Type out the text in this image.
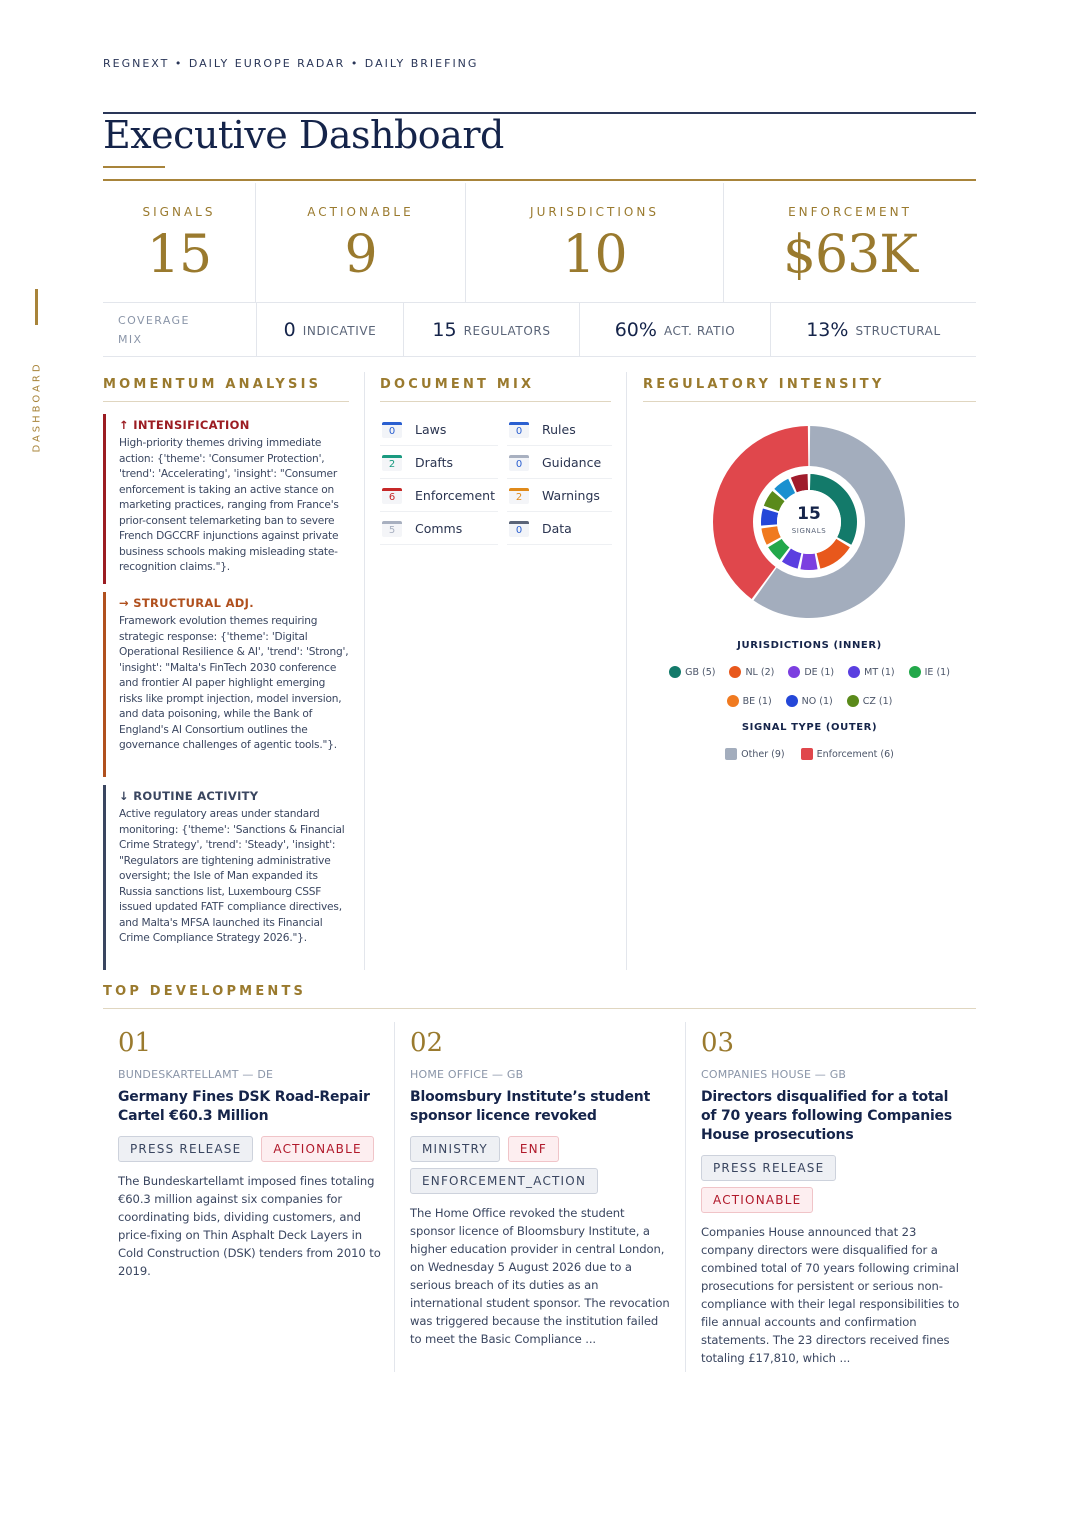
REGNEXT • DAILY EUROPE RADAR • DAILY BRIEFING
Executive Dashboard
DASHBOARD
SIGNALS
15
ACTIONABLE
9
JURISDICTIONS
10
ENFORCEMENT
$63K
COVERAGE MIX	0 INDICATIVE	15 REGULATORS	60% ACT. RATIO	13% STRUCTURAL
MOMENTUM ANALYSIS	DOCUMENT MIX	REGULATORY INTENSITY
↑ INTENSIFICATION
High-priority themes driving immediate action: {'theme': 'Consumer Protection', 'trend': 'Accelerating', 'insight': "Consumer enforcement is taking an active stance on marketing practices, ranging from France's prior-consent telemarketing ban to severe French DGCCRF injunctions against private business schools making misleading state-recognition claims."}.
→ STRUCTURAL ADJ.
Framework evolution themes requiring strategic response: {'theme': 'Digital Operational Resilience & AI', 'trend': 'Strong', 'insight': "Malta's FinTech 2030 conference and frontier AI paper highlight emerging risks like prompt injection, model inversion, and data poisoning, while the Bank of England's AI Consortium outlines the governance challenges of agentic tools."}.
↓ ROUTINE ACTIVITY
Active regulatory areas under standard monitoring: {'theme': 'Sanctions & Financial Crime Strategy', 'trend': 'Steady', 'insight': "Regulators are tightening administrative oversight; the Isle of Man expanded its Russia sanctions list, Luxembourg CSSF issued updated FATF compliance directives, and Malta's MFSA launched its Financial Crime Compliance Strategy 2026."}.
0	Laws	0	Rules
2	Drafts	0	Guidance
6	Enforcement	2	Warnings
5	Comms	0	Data
15
SIGNALS
JURISDICTIONS (INNER)
GB (5)	NL (2)	DE (1)	MT (1)	IE (1)
BE (1)	NO (1)	CZ (1)
SIGNAL TYPE (OUTER)
Other (9)	Enforcement (6)
TOP DEVELOPMENTS
01
BUNDESKARTELLAMT — DE
Germany Fines DSK Road-Repair Cartel €60.3 Million
PRESS RELEASE	ACTIONABLE
The Bundeskartellamt imposed fines totaling €60.3 million against six companies for coordinating bids, dividing customers, and price-fixing on Thin Asphalt Deck Layers in Cold Construction (DSK) tenders from 2010 to 2019.
02
HOME OFFICE — GB
Bloomsbury Institute’s student sponsor licence revoked
MINISTRY	ENF
ENFORCEMENT_ACTION
The Home Office revoked the student sponsor licence of Bloomsbury Institute, a higher education provider in central London, on Wednesday 5 August 2026 due to a serious breach of its duties as an international student sponsor. The revocation was triggered because the institution failed to meet the Basic Compliance ...
03
COMPANIES HOUSE — GB
Directors disqualified for a total of 70 years following Companies House prosecutions
PRESS RELEASE
ACTIONABLE
Companies House announced that 23 company directors were disqualified for a combined total of 70 years following criminal prosecutions for persistent or serious non-compliance with their legal responsibilities to file annual accounts and confirmation statements. The 23 directors received fines totaling £17,810, which ...
